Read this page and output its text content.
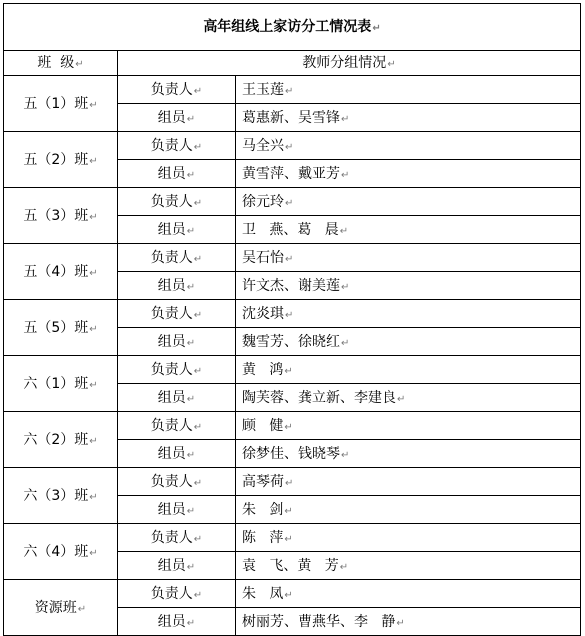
高年组线上家访分工情况表↵		
班  级↵	教师分组情况↵	
五（1）班↵	负责人↵	王玉莲↵
	组员↵	葛惠新、吴雪锋↵
五（2）班↵	负责人↵	马全兴↵
	组员↵	黄雪萍、戴亚芳↵
五（3）班↵	负责人↵	徐元玲↵
	组员↵	卫   燕、葛   晨↵
五（4）班↵	负责人↵	吴石怡↵
	组员↵	许文杰、谢美莲↵
五（5）班↵	负责人↵	沈炎琪↵
	组员↵	魏雪芳、徐晓红↵
六（1）班↵	负责人↵	黄   鸿↵
	组员↵	陶芙蓉、龚立新、李建良↵
六（2）班↵	负责人↵	顾   健↵
	组员↵	徐梦佳、钱晓琴↵
六（3）班↵	负责人↵	高琴荷↵
	组员↵	朱   剑↵
六（4）班↵	负责人↵	陈   萍↵
	组员↵	袁   飞、黄   芳↵
资源班↵	负责人↵	朱   凤↵
	组员↵	树丽芳、曹燕华、李   静↵
